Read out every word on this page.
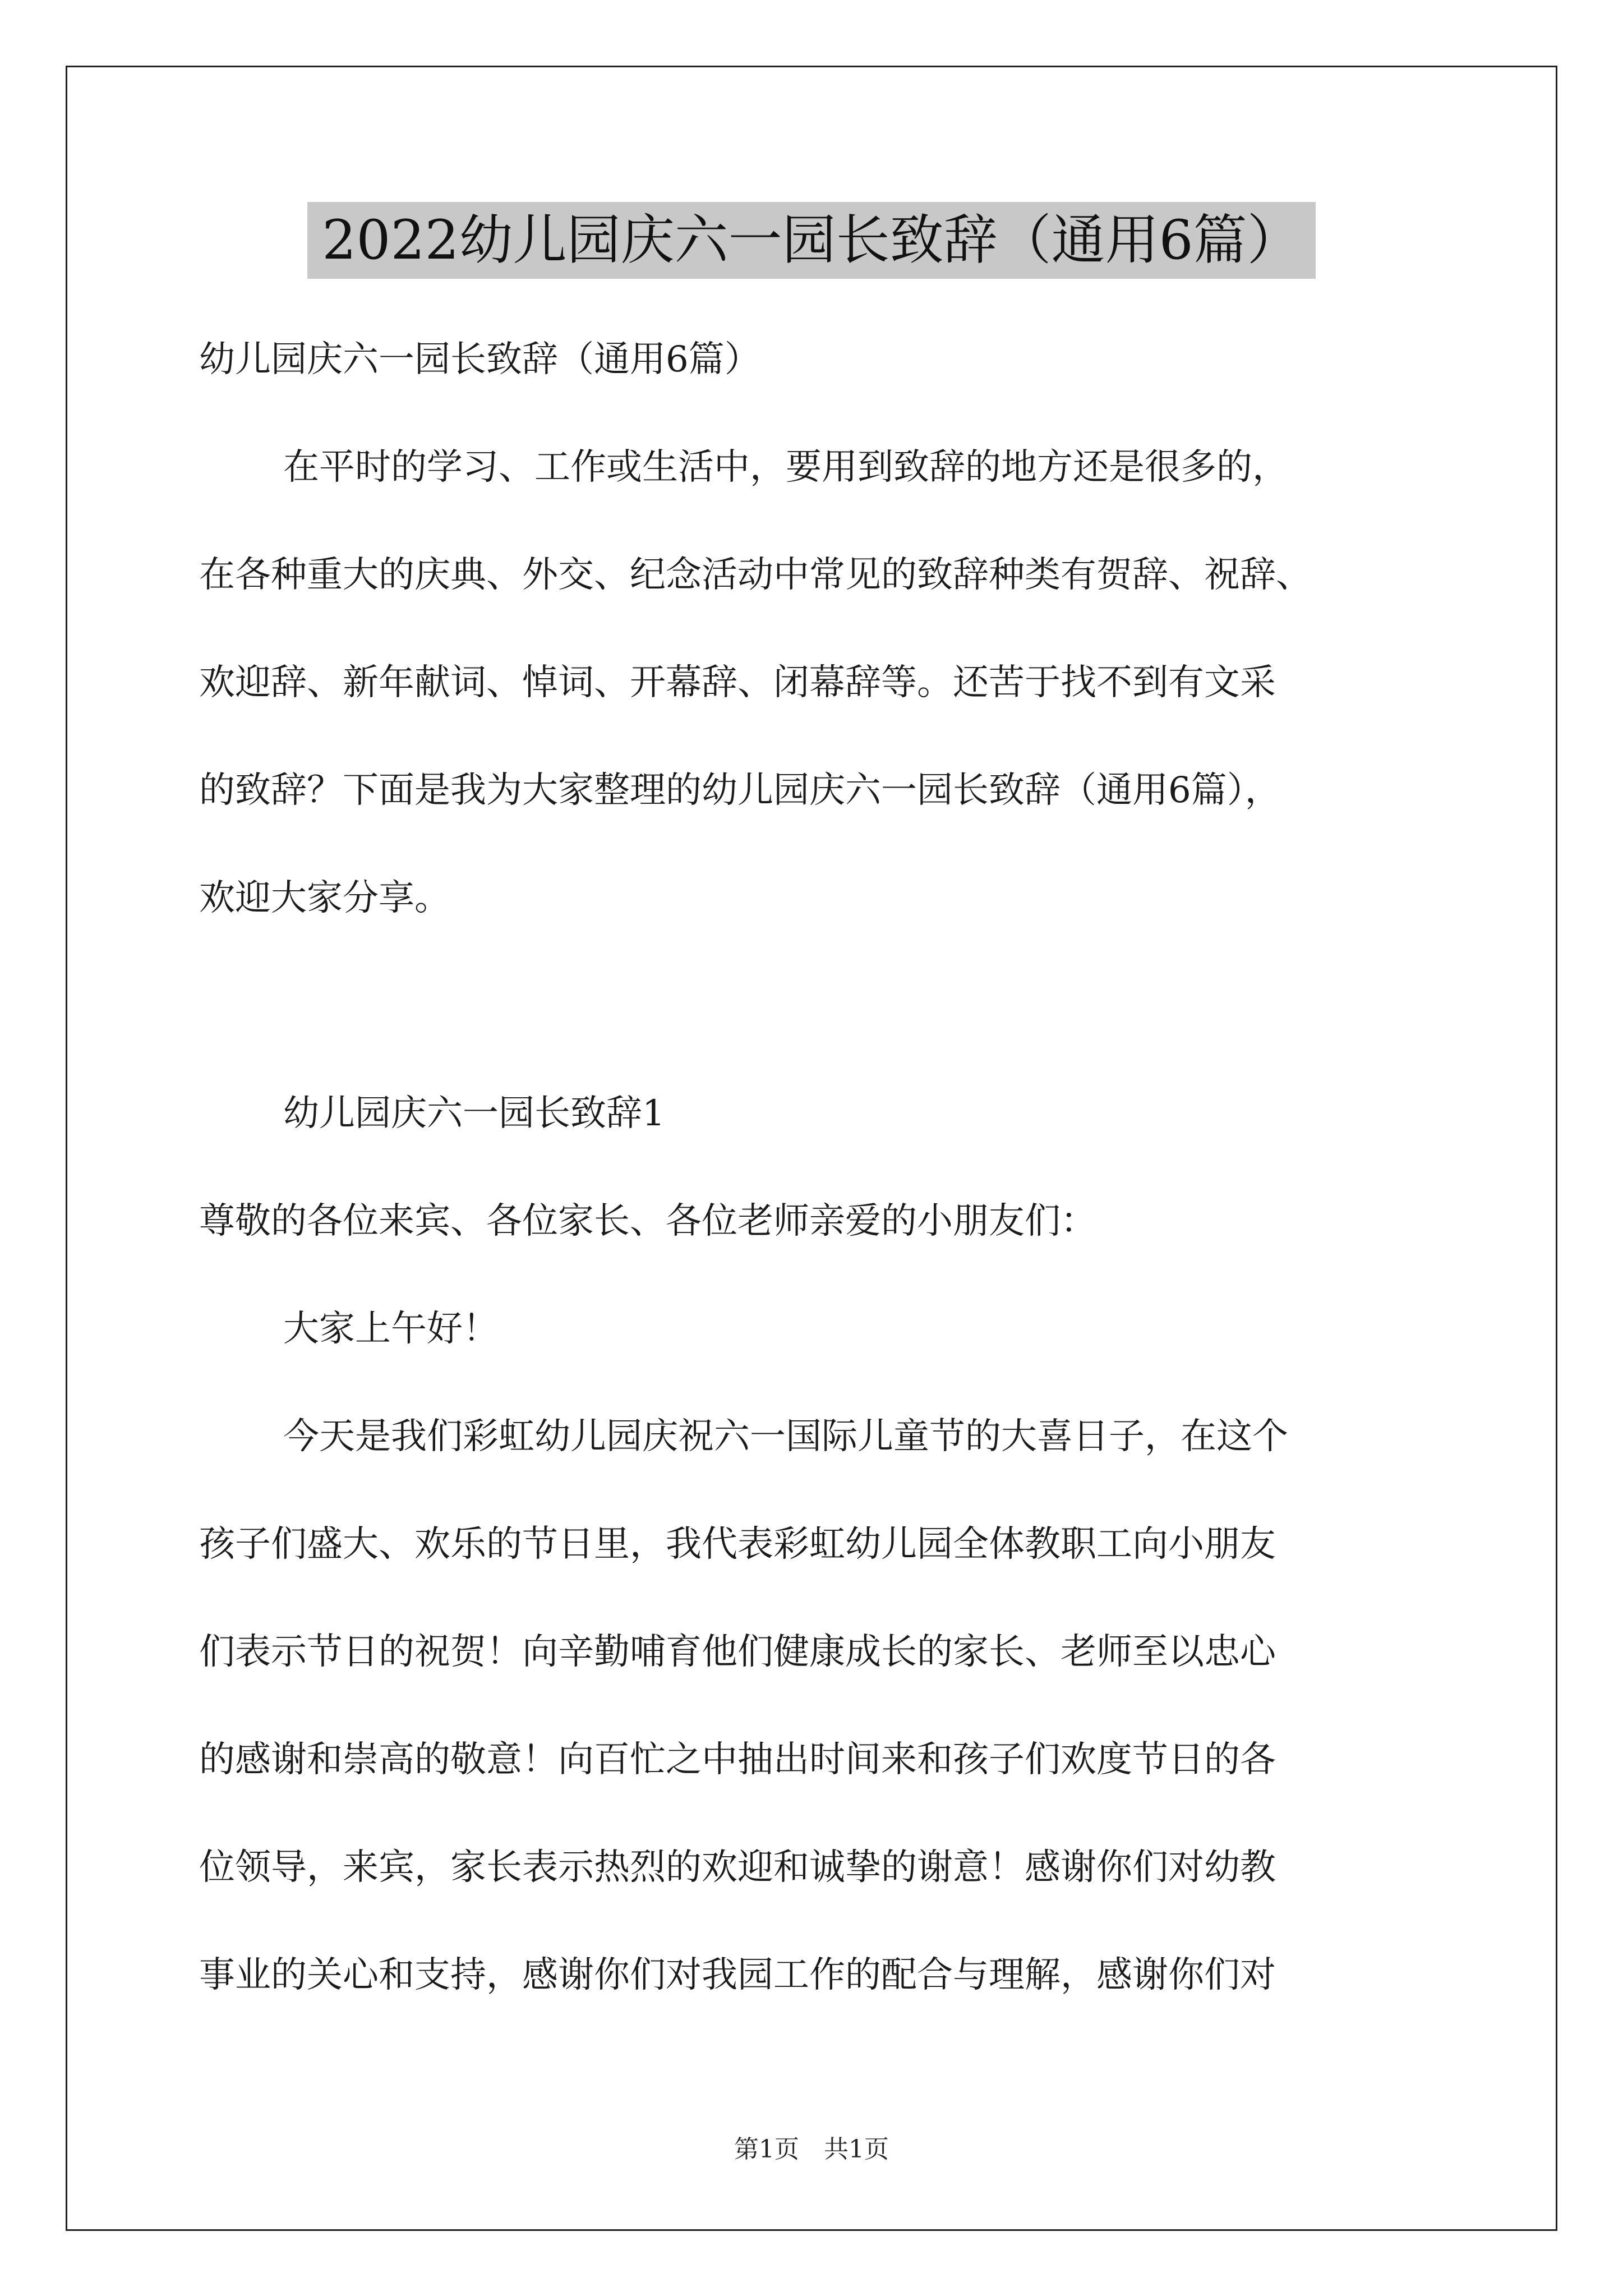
2022幼儿园庆六一园长致辞（通用6篇）
幼儿园庆六一园长致辞（通用6篇）
在平时的学习、工作或生活中，要用到致辞的地方还是很多的，
在各种重大的庆典、外交、纪念活动中常见的致辞种类有贺辞、祝辞、
欢迎辞、新年献词、悼词、开幕辞、闭幕辞等。还苦于找不到有文采
的致辞？下面是我为大家整理的幼儿园庆六一园长致辞（通用6篇），
欢迎大家分享。
幼儿园庆六一园长致辞1
尊敬的各位来宾、各位家长、各位老师亲爱的小朋友们：
大家上午好！
今天是我们彩虹幼儿园庆祝六一国际儿童节的大喜日子，在这个
孩子们盛大、欢乐的节日里，我代表彩虹幼儿园全体教职工向小朋友
们表示节日的祝贺！向辛勤哺育他们健康成长的家长、老师至以忠心
的感谢和崇高的敬意！向百忙之中抽出时间来和孩子们欢度节日的各
位领导，来宾，家长表示热烈的欢迎和诚挚的谢意！感谢你们对幼教
事业的关心和支持，感谢你们对我园工作的配合与理解，感谢你们对
第1页　共1页
